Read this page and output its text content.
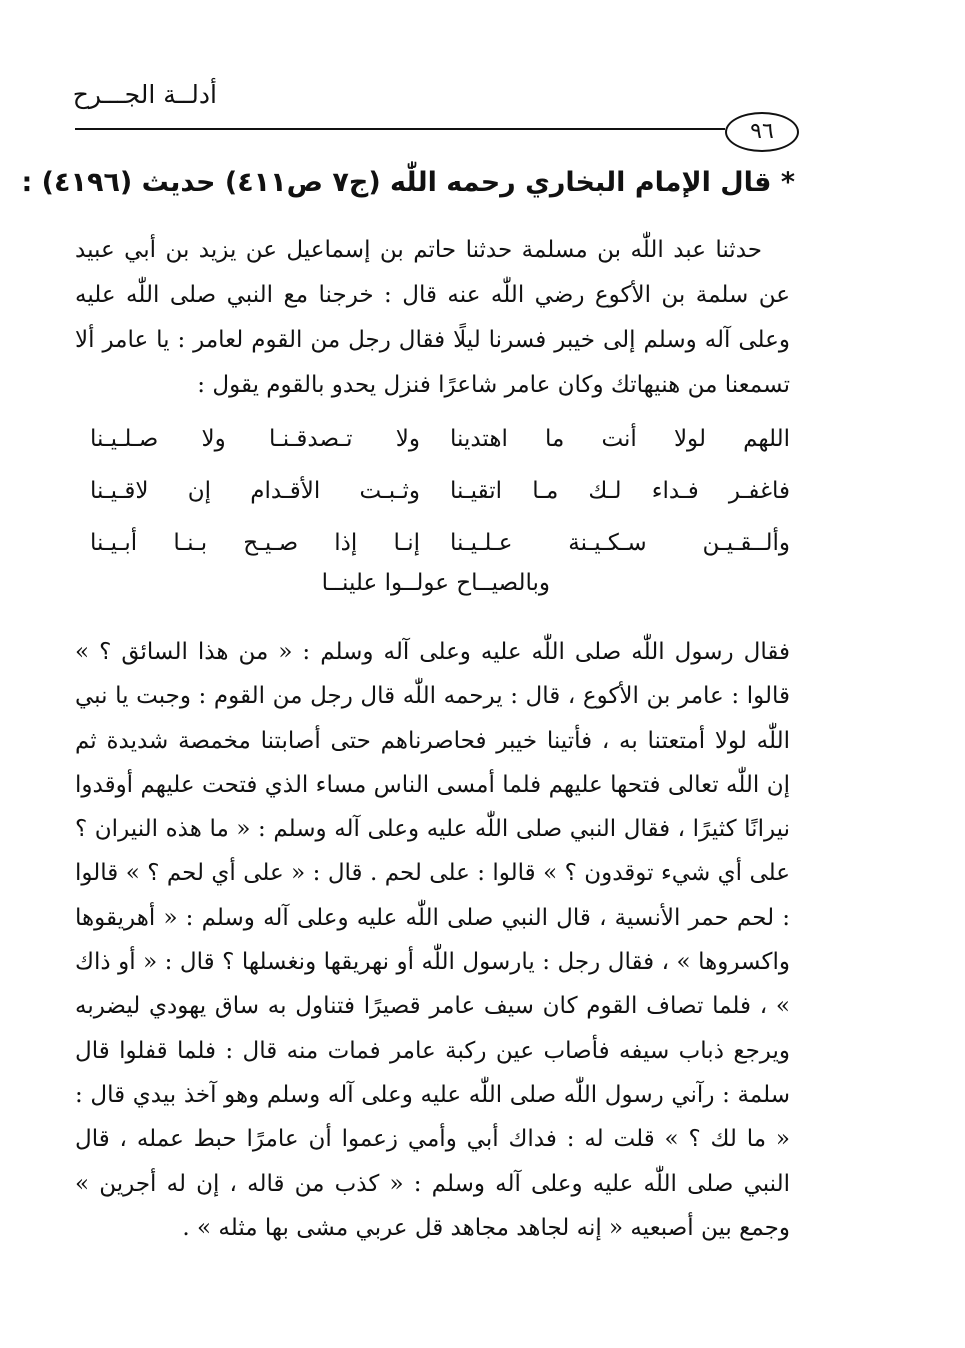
أدلــة الجـــرح
٩٦
* قال الإمام البخاري رحمه اللّٰه (ج٧ ص٤١١) حديث (٤١٩٦) :
حدثنا عبد اللّٰه بن مسلمة حدثنا حاتم بن إسماعيل عن يزيد بن أبي عبيد عن سلمة بن الأكوع رضي اللّٰه عنه قال : خرجنا مع النبي صلى اللّٰه عليه وعلى آله وسلم إلى خيبر فسرنا ليلًا فقال رجل من القوم لعامر : يا عامر ألا تسمعنا من هنيهاتك وكان عامر شاعرًا فنزل يحدو بالقوم يقول :
اللهم لولا أنت ما اهتدينا
ولا تـصدقـنـا ولا صـلـيـنا
فاغفـر فـداء لـك مـا اتقيـنا
وثـبـت الأقـدام إن لاقـيـنا
وألــقـيـن سـكـيـنة عـلـيـنا
إنـا إذا صـيـح بـنـا أبـيـنا
وبالصيــاح عولــوا علينــا
فقال رسول اللّٰه صلى اللّٰه عليه وعلى آله وسلم : « من هذا السائق ؟ » قالوا : عامر بن الأكوع ، قال : يرحمه اللّٰه قال رجل من القوم : وجبت يا نبي اللّٰه لولا أمتعتنا به ، فأتينا خيبر فحاصرناهم حتى أصابتنا مخمصة شديدة ثم إن اللّٰه تعالى فتحها عليهم فلما أمسى الناس مساء الذي فتحت عليهم أوقدوا نيرانًا كثيرًا ، فقال النبي صلى اللّٰه عليه وعلى آله وسلم : « ما هذه النيران ؟ على أي شيء توقدون ؟ » قالوا : على لحم . قال : « على أي لحم ؟ » قالوا : لحم حمر الأنسية ، قال النبي صلى اللّٰه عليه وعلى آله وسلم : « أهريقوها واكسروها » ، فقال رجل : يارسول اللّٰه أو نهريقها ونغسلها ؟ قال : « أو ذاك » ، فلما تصاف القوم كان سيف عامر قصيرًا فتناول به ساق يهودي ليضربه ويرجع ذباب سيفه فأصاب عين ركبة عامر فمات منه قال : فلما قفلوا قال سلمة : رآني رسول اللّٰه صلى اللّٰه عليه وعلى آله وسلم وهو آخذ بيدي قال : « ما لك ؟ » قلت له : فداك أبي وأمي زعموا أن عامرًا حبط عمله ، قال النبي صلى اللّٰه عليه وعلى آله وسلم : « كذب من قاله ، إن له أجرين » وجمع بين أصبعيه « إنه لجاهد مجاهد قل عربي مشى بها مثله » .
